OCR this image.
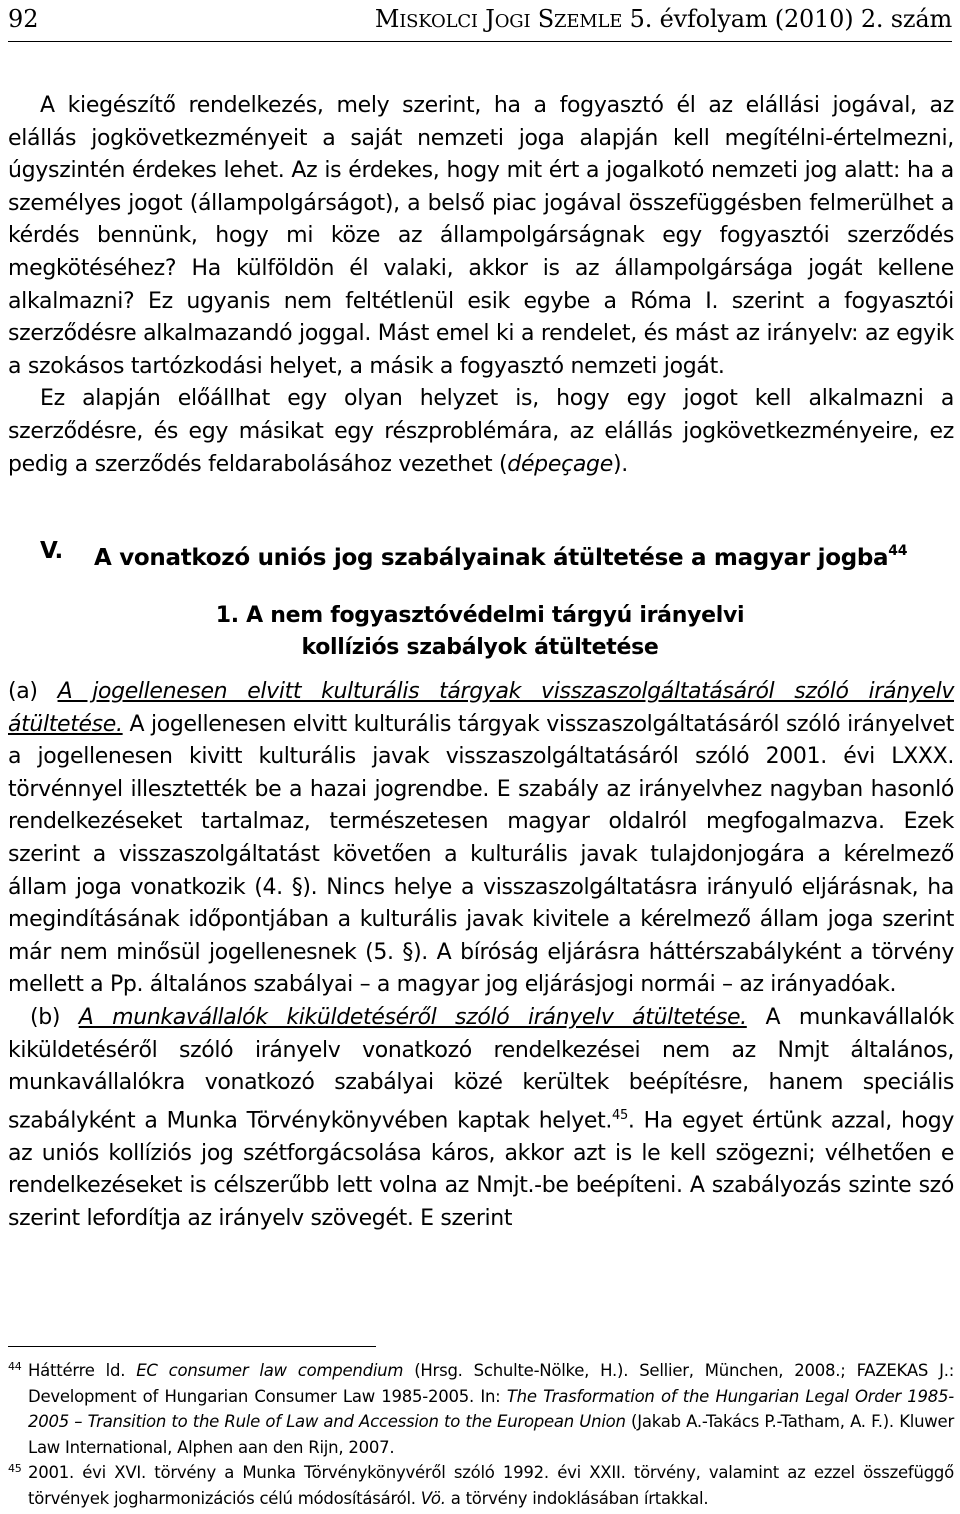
92	MISKOLCI JOGI SZEMLE 5. évfolyam (2010) 2. szám

A kiegészítő rendelkezés, mely szerint, ha a fogyasztó él az elállási jogával, az elállás jogkövetkezményeit a saját nemzeti joga alapján kell megítélni-értelmezni, úgyszintén érdekes lehet. Az is érdekes, hogy mit ért a jogalkotó nemzeti jog alatt: ha a személyes jogot (állampolgárságot), a belső piac jogával összefüggésben felmerülhet a kérdés bennünk, hogy mi köze az állampolgárságnak egy fogyasztói szerződés megkötéséhez? Ha külföldön él valaki, akkor is az állampolgársága jogát kellene alkalmazni? Ez ugyanis nem feltétlenül esik egybe a Róma I. szerint a fogyasztói szerződésre alkalmazandó joggal. Mást emel ki a rendelet, és mást az irányelv: az egyik a szokásos tartózkodási helyet, a másik a fogyasztó nemzeti jogát.

Ez alapján előállhat egy olyan helyzet is, hogy egy jogot kell alkalmazni a szerződésre, és egy másikat egy részproblémára, az elállás jogkövetkezményeire, ez pedig a szerződés feldarabolásához vezethet (dépeçage).

V. A vonatkozó uniós jog szabályainak átültetése a magyar jogba$^{44}$
1. A nem fogyasztóvédelmi tárgyú irányelvi
kollíziós szabályok átültetése

(a) A jogellenesen elvitt kulturális tárgyak visszaszolgáltatásáról szóló irányelv átültetése. A jogellenesen elvitt kulturális tárgyak visszaszolgáltatásáról szóló irányelvet a jogellenesen kivitt kulturális javak visszaszolgáltatásáról szóló 2001. évi LXXX. törvénnyel illesztették be a hazai jogrendbe. E szabály az irányelvhez nagyban hasonló rendelkezéseket tartalmaz, természetesen magyar oldalról megfogalmazva. Ezek szerint a visszaszolgáltatást követően a kulturális javak tulajdonjogára a kérelmező állam joga vonatkozik (4. §). Nincs helye a visszaszolgáltatásra irányuló eljárásnak, ha megindításának időpontjában a kulturális javak kivitele a kérelmező állam joga szerint már nem minősül jogellenesnek (5. §). A bíróság eljárásra háttérszabályként a törvény mellett a Pp. általános szabályai – a magyar jog eljárásjogi normái – az irányadóak.

(b) A munkavállalók kiküldetéséről szóló irányelv átültetése. A munkavállalók kiküldetéséről szóló irányelv vonatkozó rendelkezései nem az Nmjt általános, munkavállalókra vonatkozó szabályai közé kerültek beépítésre, hanem speciális szabályként a Munka Törvénykönyvében kaptak helyet.$^{45}$. Ha egyet értünk azzal, hogy az uniós kollíziós jog szétforgácsolása káros, akkor azt is le kell szögezni; vélhetően e rendelkezéseket is célszerűbb lett volna az Nmjt.-be beépíteni. A szabályozás szinte szó szerint lefordítja az irányelv szövegét. E szerint

44 Háttérre ld. EC consumer law compendium (Hrsg. Schulte-Nölke, H.). Sellier, München, 2008.; FAZEKAS J.: Development of Hungarian Consumer Law 1985-2005. In: The Trasformation of the Hungarian Legal Order 1985-2005 – Transition to the Rule of Law and Accession to the European Union (Jakab A.-Takács P.-Tatham, A. F.). Kluwer Law International, Alphen aan den Rijn, 2007.
45 2001. évi XVI. törvény a Munka Törvénykönyvéről szóló 1992. évi XXII. törvény, valamint az ezzel összefüggő törvények jogharmonizációs célú módosításáról. Vö. a törvény indoklásában írtakkal.
